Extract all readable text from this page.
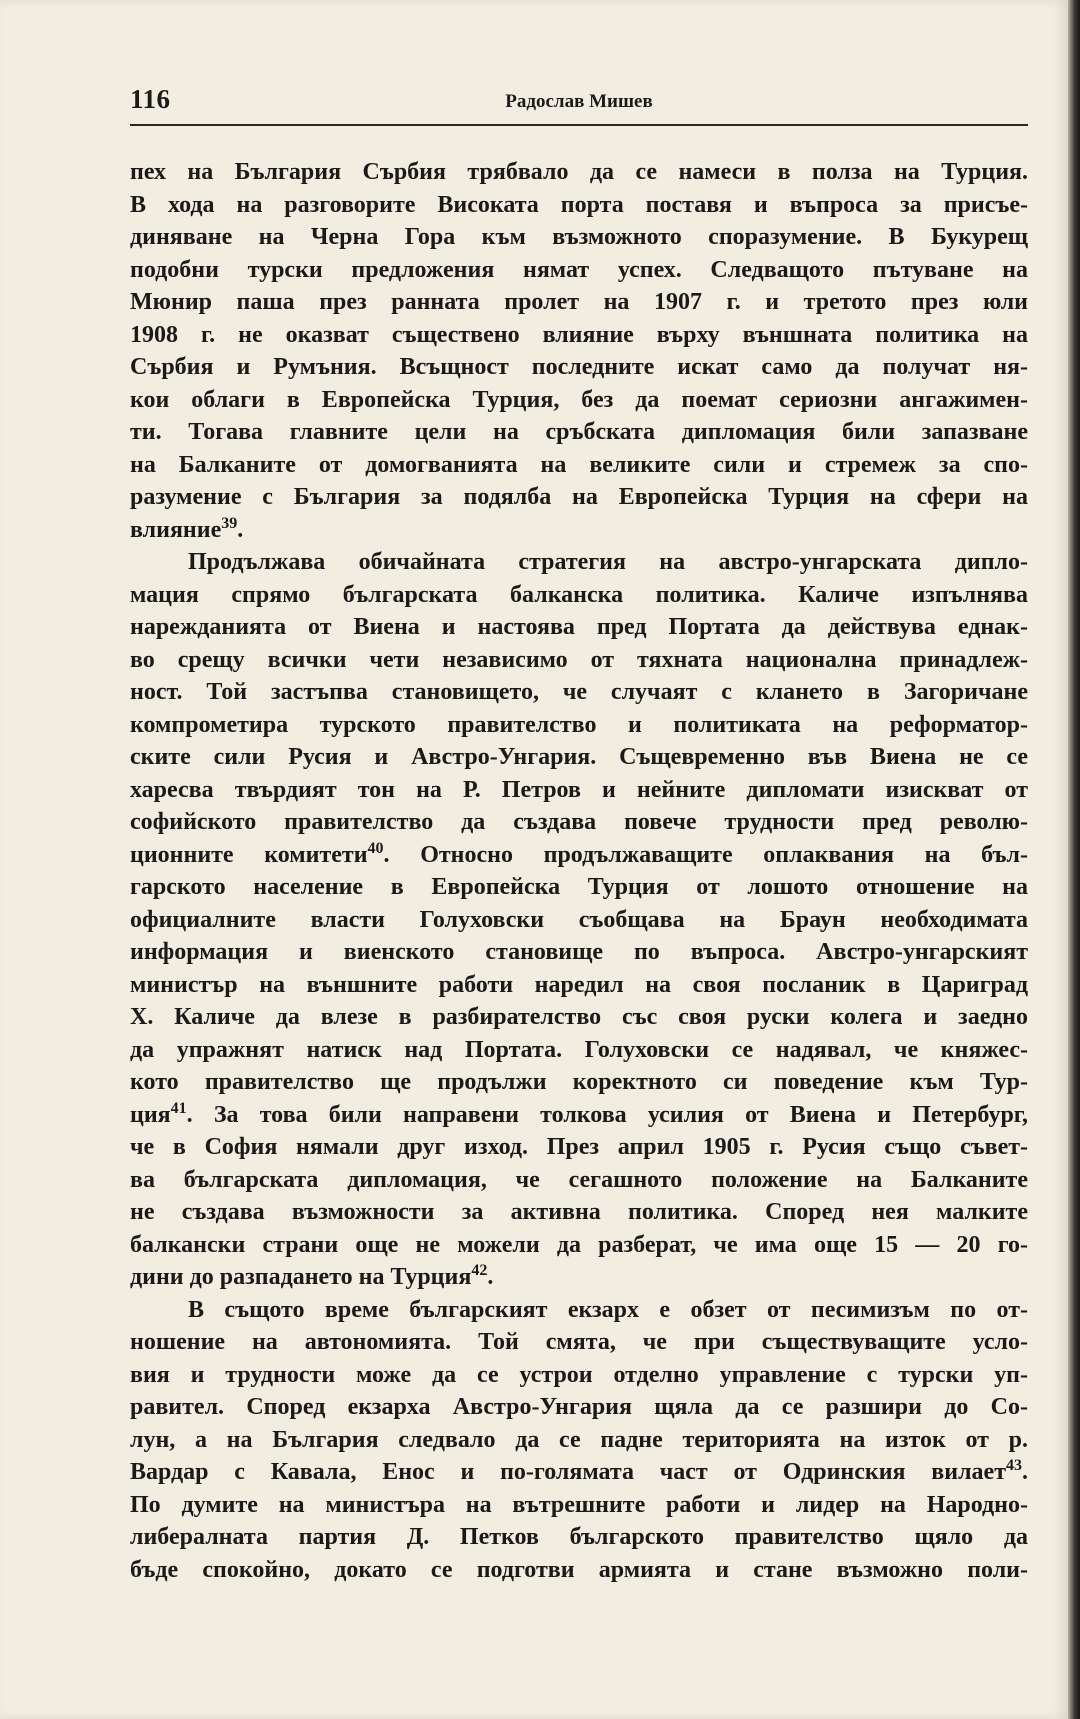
116	Радослав Мишев
пех на България Сърбия трябвало да се намеси в полза на Турция.
В хода на разговорите Високата порта поставя и въпроса за присъе-
диняване на Черна Гора към възможното споразумение. В Букурещ
подобни турски предложения нямат успех. Следващото пътуване на
Мюнир паша през ранната пролет на 1907 г. и третото през юли
1908 г. не оказват съществено влияние върху външната политика на
Сърбия и Румъния. Всъщност последните искат само да получат ня-
кои облаги в Европейска Турция, без да поемат сериозни ангажимен-
ти. Тогава главните цели на сръбската дипломация били запазване
на Балканите от домогванията на великите сили и стремеж за спо-
разумение с България за подялба на Европейска Турция на сфери на
влияние$^{39}$.
Продължава обичайната стратегия на австро-унгарската дипло-
мация спрямо българската балканска политика. Каличе изпълнява
нарежданията от Виена и настоява пред Портата да действува еднак-
во срещу всички чети независимо от тяхната национална принадлеж-
ност. Той застъпва становището, че случаят с клането в Загоричане
компрометира турското правителство и политиката на реформатор-
ските сили Русия и Австро-Унгария. Същевременно във Виена не се
харесва твърдият тон на Р. Петров и нейните дипломати изискват от
софийското правителство да създава повече трудности пред револю-
ционните комитети$^{40}$. Относно продължаващите оплаквания на бъл-
гарското население в Европейска Турция от лошото отношение на
официалните власти Голуховски съобщава на Браун необходимата
информация и виенското становище по въпроса. Австро-унгарският
министър на външните работи наредил на своя посланик в Цариград
Х. Каличе да влезе в разбирателство със своя руски колега и заедно
да упражнят натиск над Портата. Голуховски се надявал, че княжес-
кото правителство ще продължи коректното си поведение към Тур-
ция$^{41}$. За това били направени толкова усилия от Виена и Петербург,
че в София нямали друг изход. През април 1905 г. Русия също съвет-
ва българската дипломация, че сегашното положение на Балканите
не създава възможности за активна политика. Според нея малките
балкански страни още не можели да разберат, че има още 15 — 20 го-
дини до разпадането на Турция$^{42}$.
В същото време българският екзарх е обзет от песимизъм по от-
ношение на автономията. Той смята, че при съществуващите усло-
вия и трудности може да се устрои отделно управление с турски уп-
равител. Според екзарха Австро-Унгария щяла да се разшири до Со-
лун, а на България следвало да се падне територията на изток от р.
Вардар с Кавала, Енос и по-голямата част от Одринския вилает$^{43}$.
По думите на министъра на вътрешните работи и лидер на Народно-
либералната партия Д. Петков българското правителство щяло да
бъде спокойно, докато се подготви армията и стане възможно поли-
